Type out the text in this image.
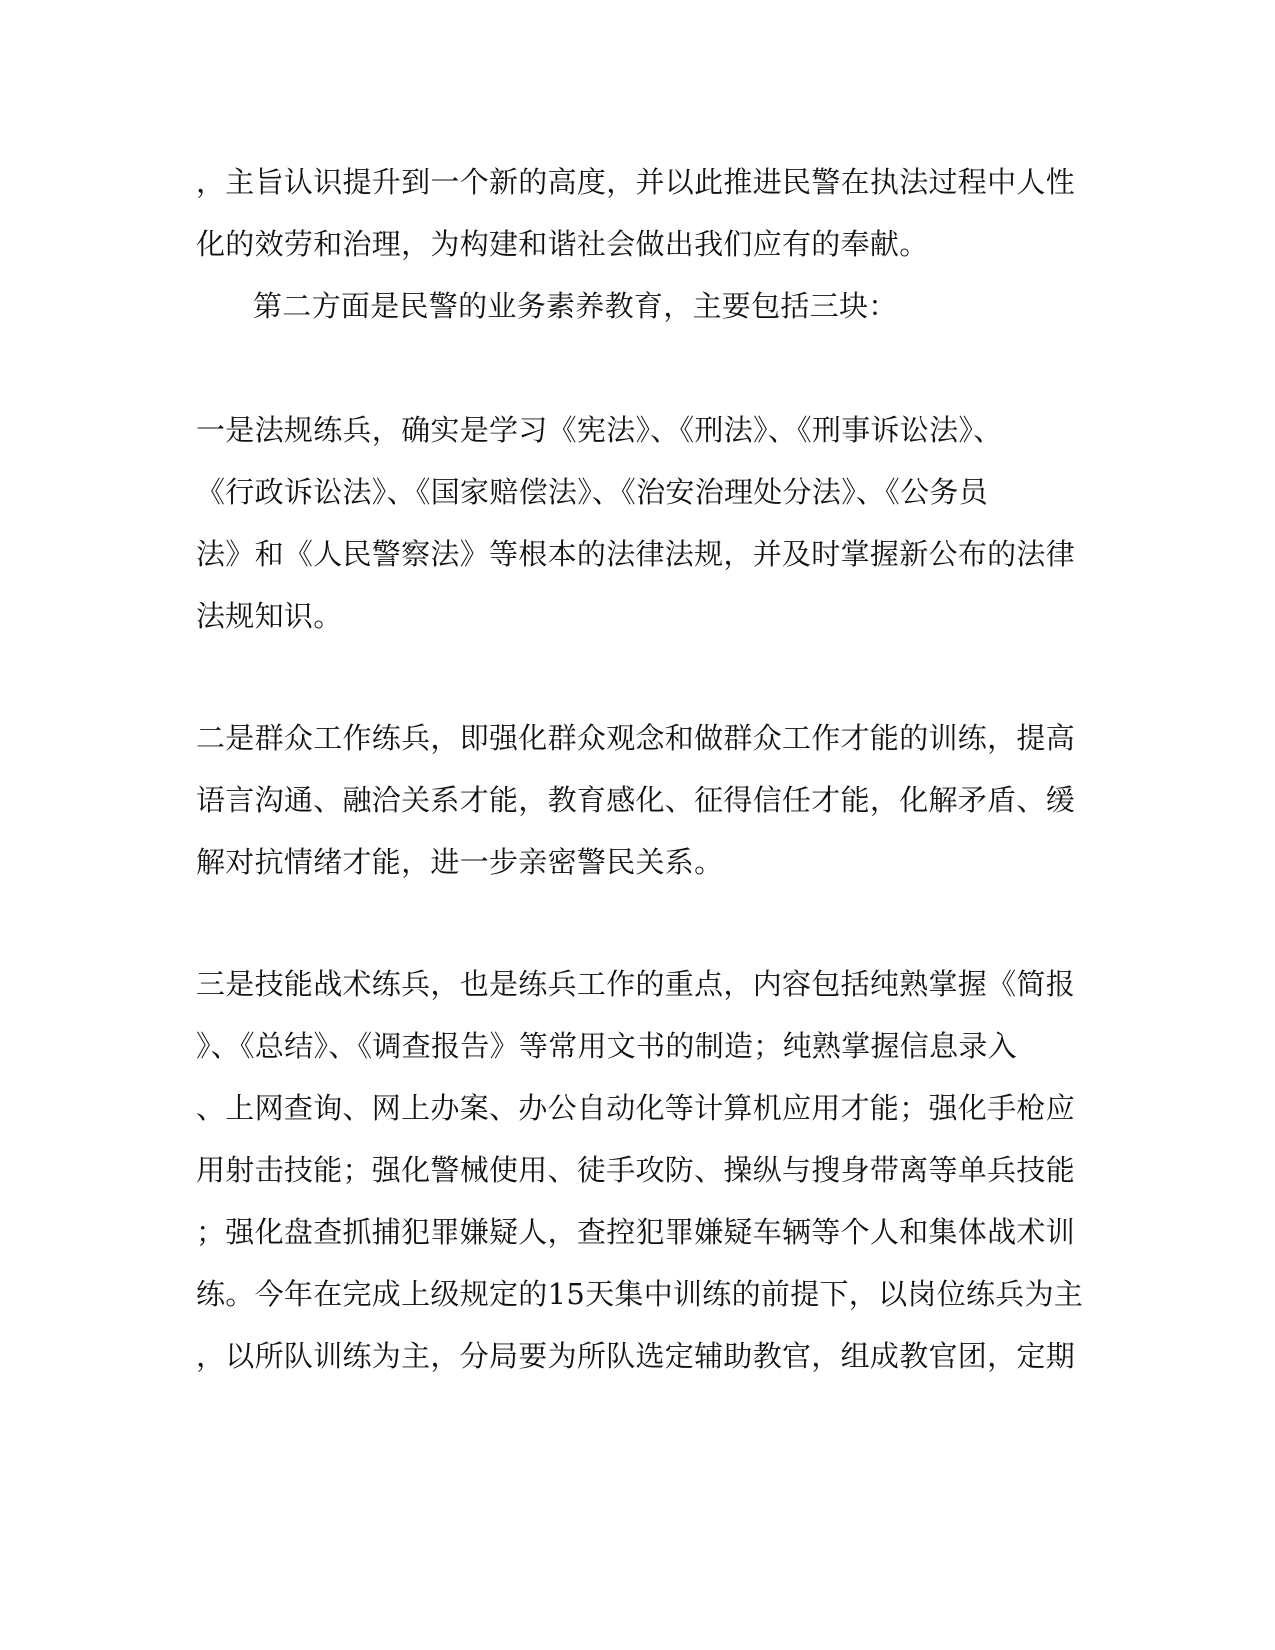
，主旨认识提升到一个新的高度，并以此推进民警在执法过程中人性

化的效劳和治理，为构建和谐社会做出我们应有的奉献。

第二方面是民警的业务素养教育，主要包括三块：

一是法规练兵，确实是学习《宪法》、《刑法》、《刑事诉讼法》、

《行政诉讼法》、《国家赔偿法》、《治安治理处分法》、《公务员

法》和《人民警察法》等根本的法律法规，并及时掌握新公布的法律

法规知识。

二是群众工作练兵，即强化群众观念和做群众工作才能的训练，提高

语言沟通、融洽关系才能，教育感化、征得信任才能，化解矛盾、缓

解对抗情绪才能，进一步亲密警民关系。

三是技能战术练兵，也是练兵工作的重点，内容包括纯熟掌握《简报

》、《总结》、《调查报告》等常用文书的制造；纯熟掌握信息录入

、上网查询、网上办案、办公自动化等计算机应用才能；强化手枪应

用射击技能；强化警械使用、徒手攻防、操纵与搜身带离等单兵技能

；强化盘查抓捕犯罪嫌疑人，查控犯罪嫌疑车辆等个人和集体战术训

练。今年在完成上级规定的15天集中训练的前提下，以岗位练兵为主

，以所队训练为主，分局要为所队选定辅助教官，组成教官团，定期
